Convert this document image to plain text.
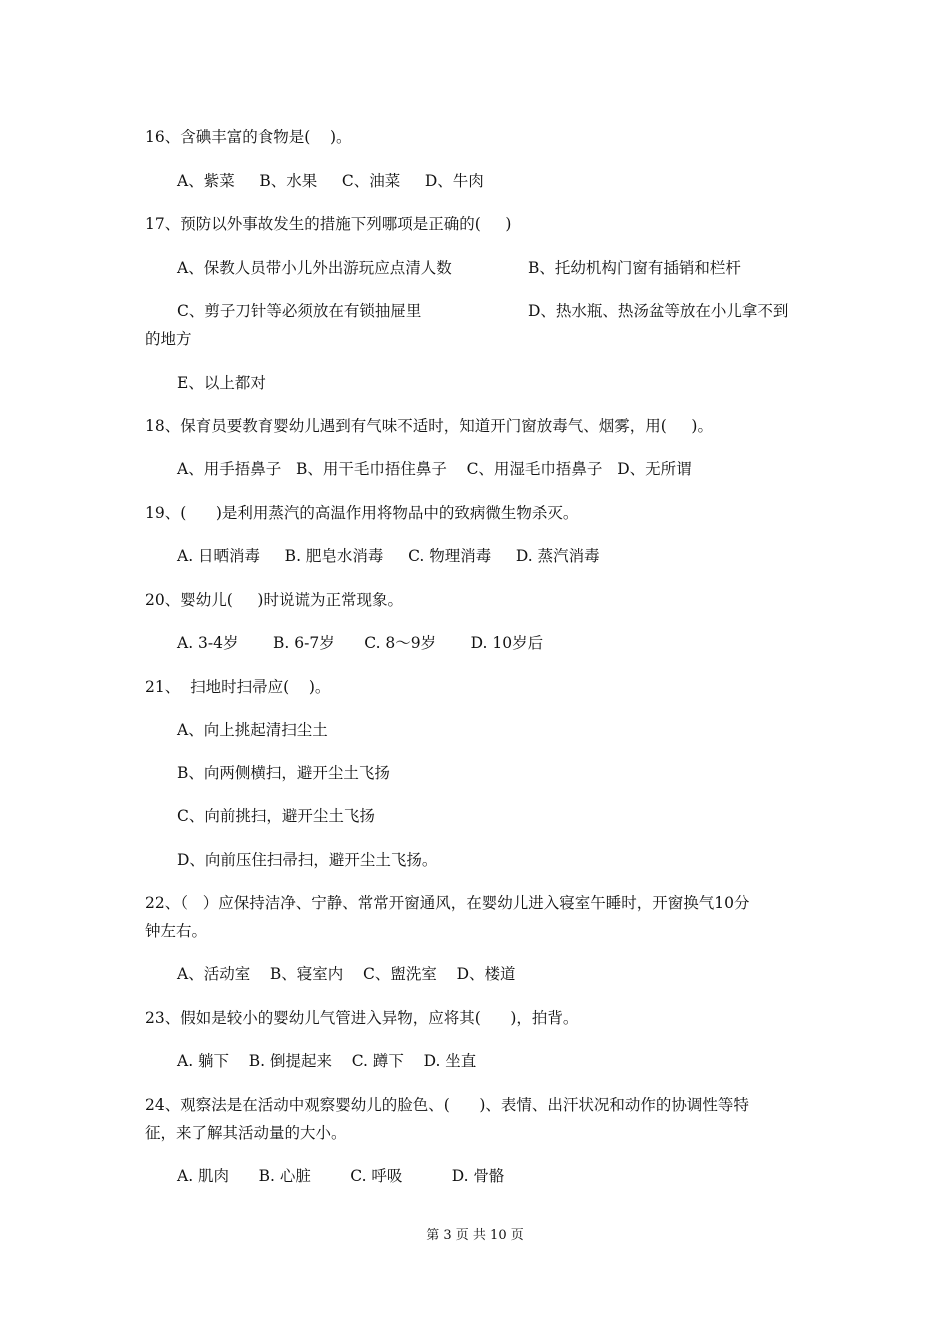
16、含碘丰富的食物是(    )。
A、紫菜     B、水果     C、油菜     D、牛肉
17、预防以外事故发生的措施下列哪项是正确的(     )
A、保教人员带小儿外出游玩应点清人数	B、托幼机构门窗有插销和栏杆
C、剪子刀针等必须放在有锁抽屉里	D、热水瓶、热汤盆等放在小儿拿不到
的地方
E、以上都对
18、保育员要教育婴幼儿遇到有气味不适时，知道开门窗放毒气、烟雾，用(     )。
A、用手捂鼻子   B、用干毛巾捂住鼻子    C、用湿毛巾捂鼻子   D、无所谓
19、(      )是利用蒸汽的高温作用将物品中的致病微生物杀灭。
A. 日晒消毒     B. 肥皂水消毒     C. 物理消毒     D. 蒸汽消毒
20、婴幼儿(     )时说谎为正常现象。
A. 3-4岁       B. 6-7岁      C. 8～9岁       D. 10岁后
21、  扫地时扫帚应(    )。
A、向上挑起清扫尘土
B、向两侧横扫，避开尘土飞扬
C、向前挑扫，避开尘土飞扬
D、向前压住扫帚扫，避开尘土飞扬。
22、（   ）应保持洁净、宁静、常常开窗通风，在婴幼儿进入寝室午睡时，开窗换气10分
钟左右。
A、活动室    B、寝室内    C、盥洗室    D、楼道
23、假如是较小的婴幼儿气管进入异物，应将其(      )，拍背。
A. 躺下    B. 倒提起来    C. 蹲下    D. 坐直
24、观察法是在活动中观察婴幼儿的脸色、(      )、表情、出汗状况和动作的协调性等特
征，来了解其活动量的大小。
A. 肌肉      B. 心脏        C. 呼吸          D. 骨骼
第 3 页 共 10 页
